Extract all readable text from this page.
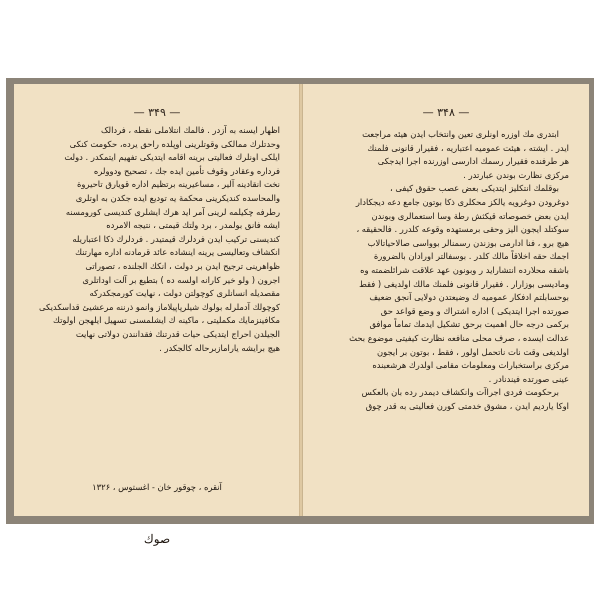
— ۳۴۹ —

اظهار ایسنه به آزدر . فالمك انتلاملی نقطه ، فردالک

وحدتلرك ممالكی وقوتلرینی اوپلده راحق یرده، حكومت كنكی

ایلكی اونلرك فعالیتی برینه اقامه ایتدیكی تفهیم ایتمكدر . دولت

فرداره وعقادر وقوف تأمین ایده جك ، تصحیح ودوولره

نخت انقادینه آلیر ، مساعیرینه برتظیم اداره قویارق تاحیروة

والمحاسده كندیكرینی محكمة یه تودیع ایده جكدن به اوتلری

رطرفه چكیلمه لرینی آمر اید هرك ایشلری كندیسی كورومسنه

ایشه فانق بولمدر ، برد ولتك قیمتی ، نتیجه الامرده

كندیسنی تركیب ایدن فردلرك قیمتیدر . فردلرك ذكا اعتباریله

انكشاف وتعالیسی یرینه اینشاده عائد قرمادنه اداره مهارتنك

ظواهرینی ترجیح ایدن بر دولت ، انكك الجلنده ، تصوراتی

اجرون ( ولو خیر كارانه اولسه ده ) بتطیع بر آلت اوداتلری

مقصدیله انسانلری كوچولتن دولت ، نهایت كورمجكدركه

كوچولك آدملرله بولوك شیلرپاپیلاماز وانمو ذرننه مرعشیئ قداسكدیكی

مكافینزمایك مكملیتی ، ماكینه ك ایشلمسنی تسهیل ایلهجن اولوتك

الجیلدن احراج ایتدیكی حیات قدرتنك فقدانندن دولاتی نهایت

هیچ برایشه یارامازبرحاله كالجكدر .

آنقره ، چوقور خان - اغستوس ، ۱۳۲۶
صوك
— ۳۴۸ —

ابتدری مك اوزره اونلری تعین وانتخاب ایدن هیئه مراجعت

ایدر . ایشته ، هیئت عمومیه اعتباریه ، فقیرار قانونی فلمنك

هر طرفنده فقیرار رسمك ادارسی اوزرنده اجرا ایدجكی

مركزی نظارت بوندن عبارتدر .

بوقلمك انتكلیز ایتدیكی بعض عصب حقوق كیفی ،

دوغرودن دوغرویه یالكز محكلرى ذكا بوتون جامع دعه دیجكادار

ایدن بعض خصوصاته قیكثش رطة وسا استعمالرى وبوندن

سوكتلد ایجون الیز وحقی برمستهده وقوعه كلدرر . فالحقیقه ،

هیچ برو ، فنا ادارمی بوزندن رسمنالر بوواسی صالاحیاتالاب

اجمك حقه اخلاقاً مالك كلدر . بوسفالتر اورادان بالضرورة

باشقه محلارده انتشاراید ر وبونون عهد علاقت شرائلضمته وه

ومادیسی بوزارار . فقیرار قانونی فلمنك مالك اولدیغی ( فقط

بوحسابلتم ادفكار عمومیه ك وضیعتدن دولایی آنجق ضعیف

صورتده اجرا ایتدیكی ) اداره اشتراك و وضع قواعد حق

بركمی درجه حال اهمیت برحق تشكیل ایدمك تماماً موافق

عدالت ایسده ، صرف محلی منافعه نظارت كیفیتی موضوع بحث

اولدیغی وقت نات ناتحمل اولور ، فقط ، بوتون بر ایجون

مركزی براستخبارات ومعلومات مقامی اولدرك هرشعبنده

عینی صورتده فیندنادر .

برحكومت فردی اجراآت وانكشاف دیمدر رده بان بالعكس

اوكا یاردیم ایدن ، مشوق خدمتی كورن فعالیتی به قدر چوق
